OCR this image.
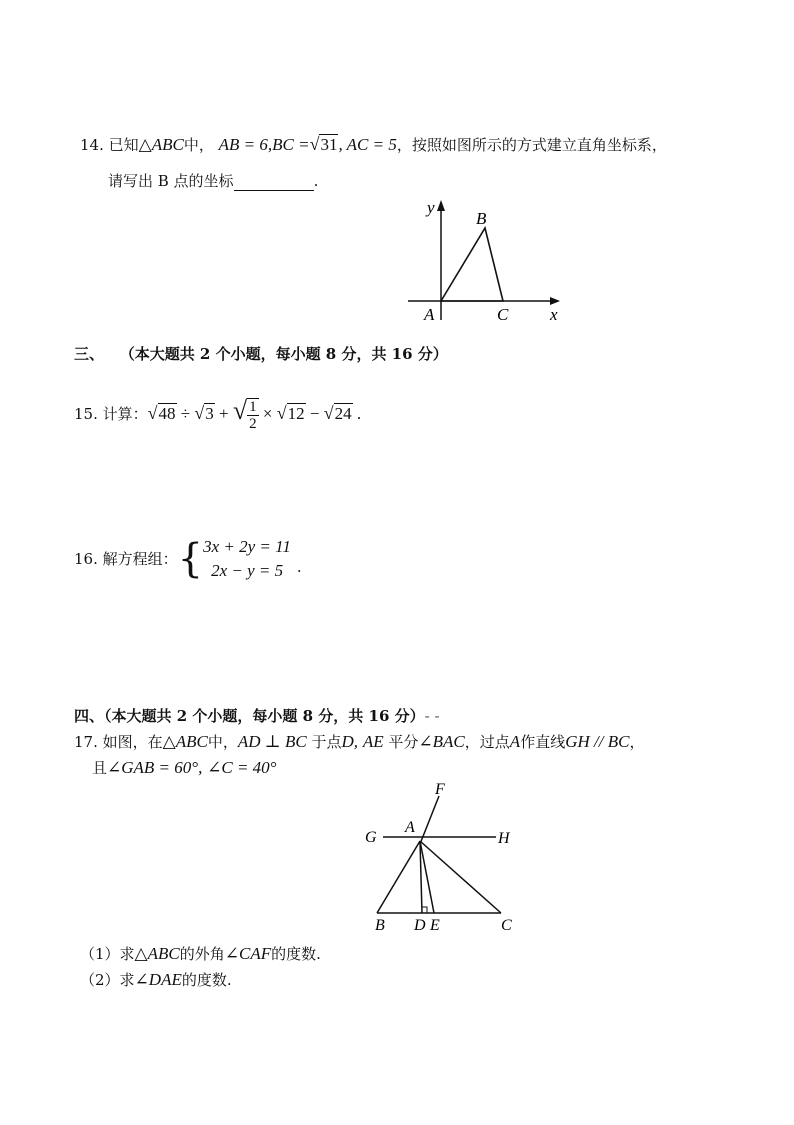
14. 已知△ABC中， AB = 6,BC =√31, AC = 5，按照如图所示的方式建立直角坐标系，
请写出 B 点的坐标	.
y
B
A	C x
三、 （本大题共 2 个小题，每小题 8 分，共 16 分）
15. 计算：√48 ÷ √3 + √ $\frac{1}{2} \times √12 - √24$ .
16.
解方程组： { 3x + 2y = 11
2x − y = 5 .
四、（本大题共 2 个小题，每小题 8 分，共 16 分）- -
17. 如图，在△ABC中，AD ⊥ BC 于点D, AE 平分∠BAC，过点A作直线GH // BC，
且∠GAB = 60°, ∠C = 40°
F
G
A
H
B D E	C
（1）求△ABC的外角∠CAF的度数.
（2）求∠DAE的度数.
